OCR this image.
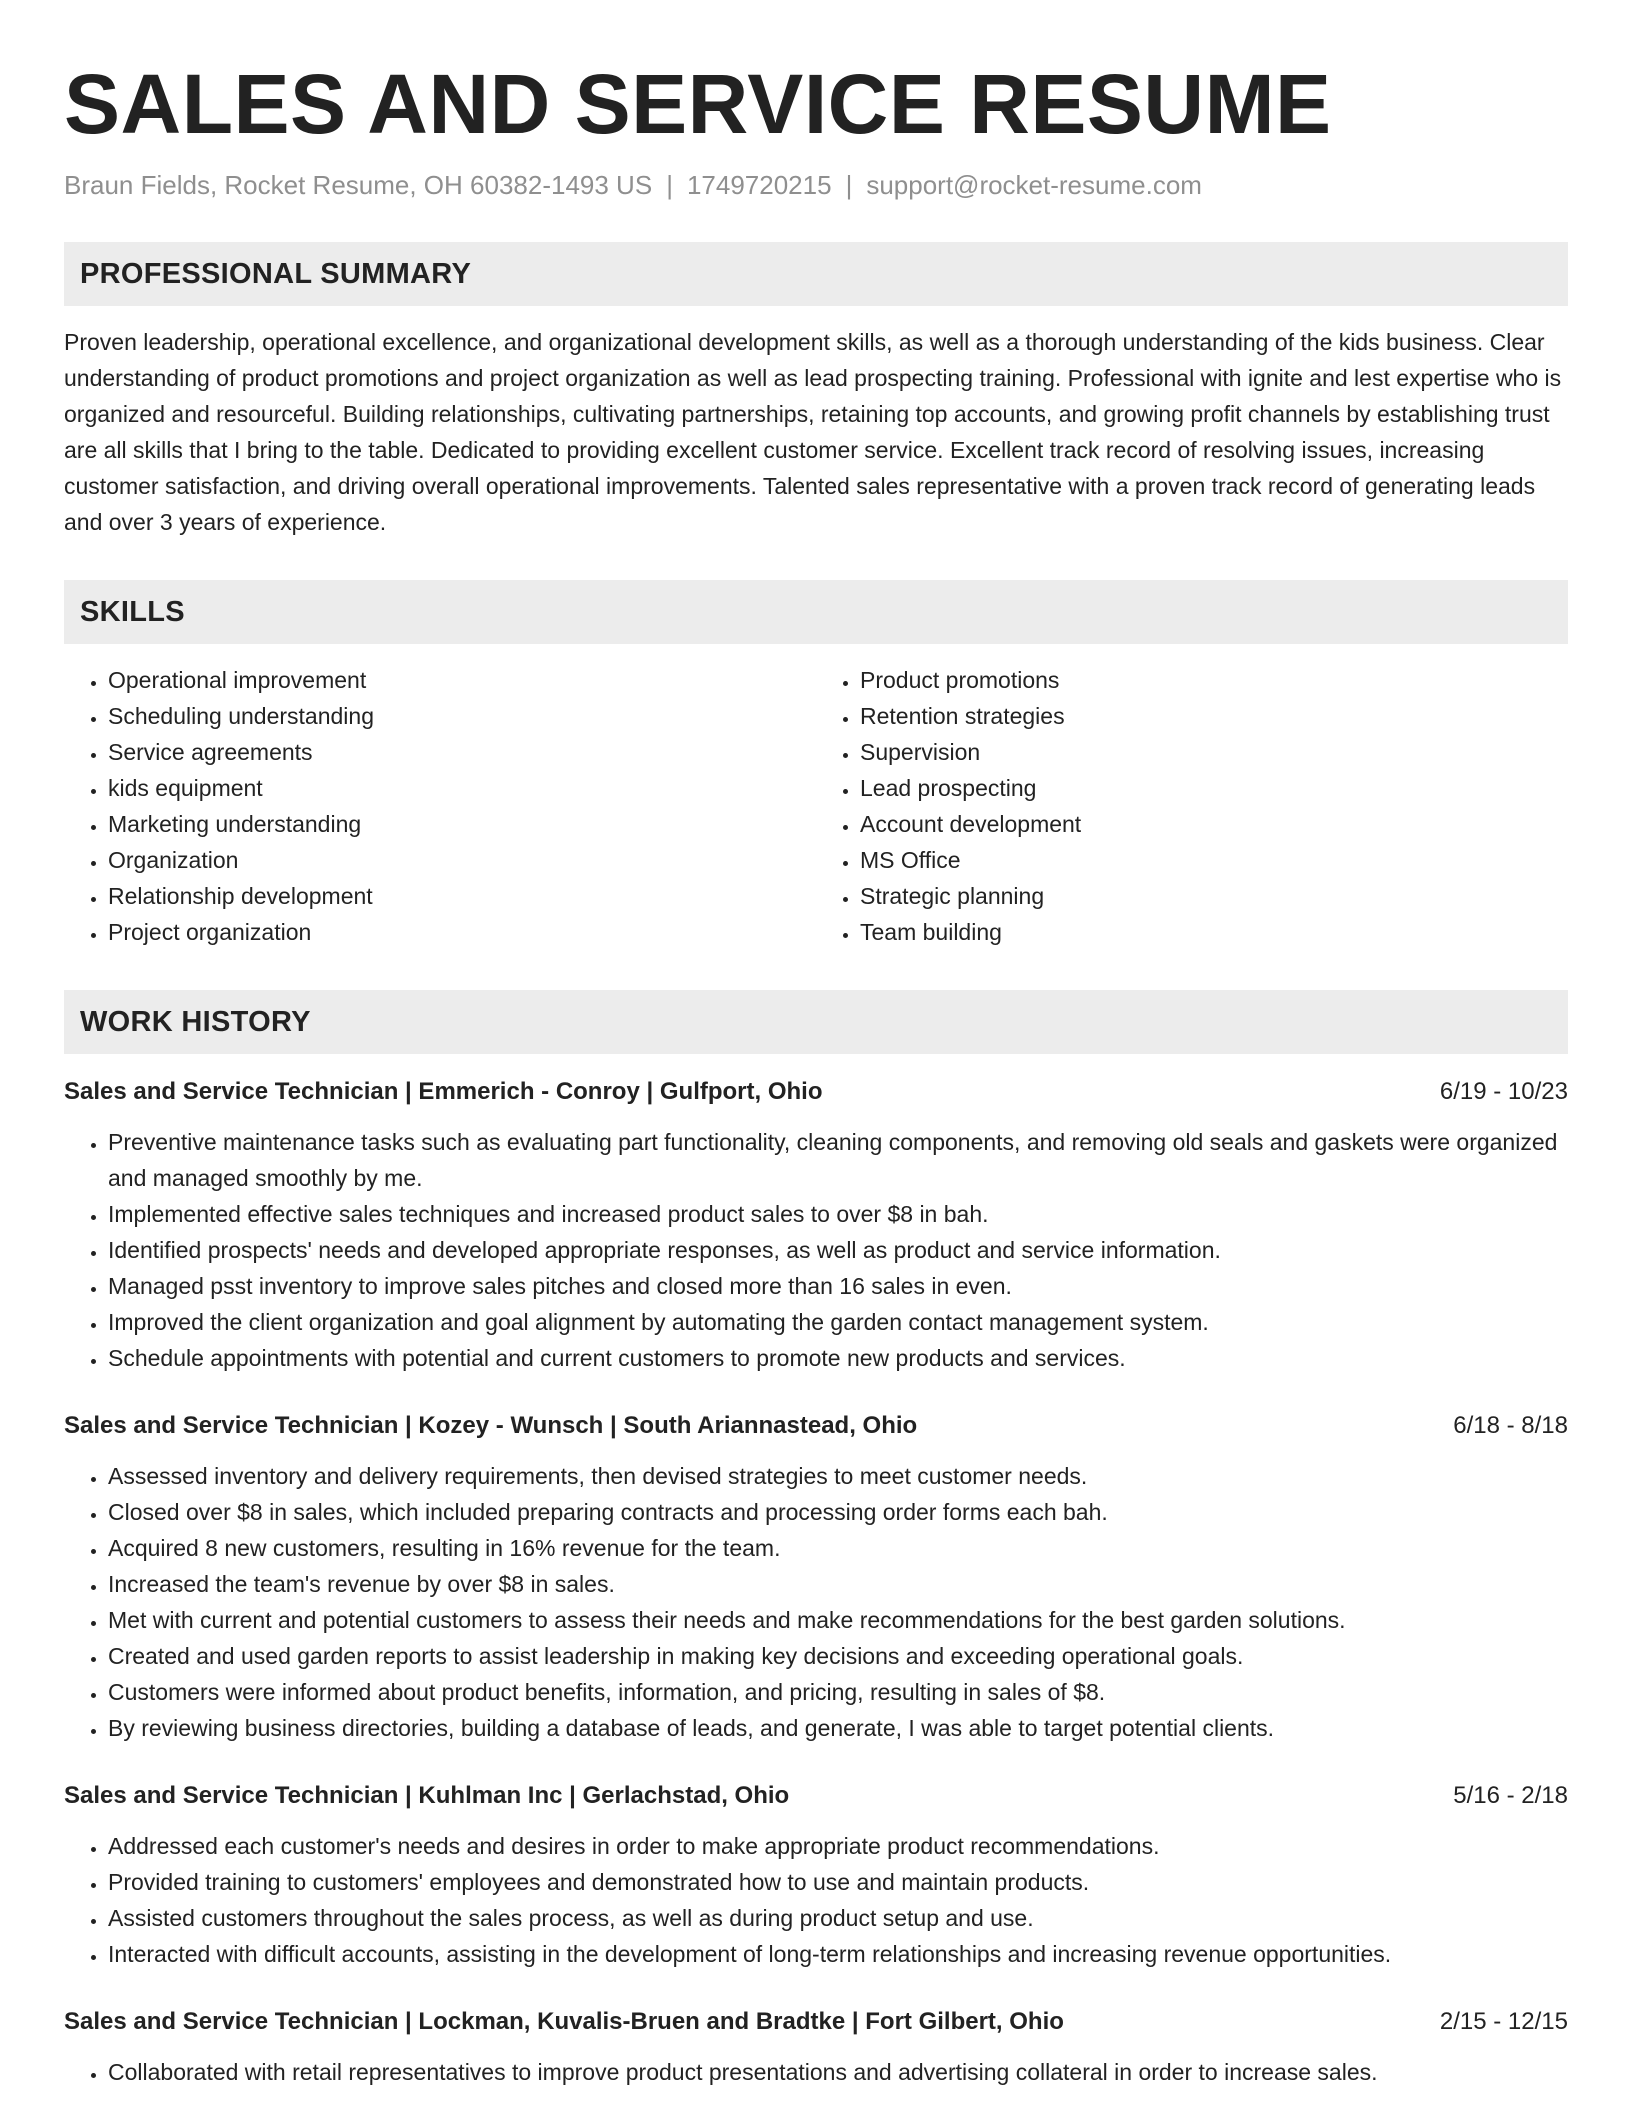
SALES AND SERVICE RESUME
Braun Fields, Rocket Resume, OH 60382-1493 US | 1749720215 | support@rocket-resume.com
PROFESSIONAL SUMMARY
Proven leadership, operational excellence, and organizational development skills, as well as a thorough understanding of the kids business. Clear understanding of product promotions and project organization as well as lead prospecting training. Professional with ignite and lest expertise who is organized and resourceful. Building relationships, cultivating partnerships, retaining top accounts, and growing profit channels by establishing trust are all skills that I bring to the table. Dedicated to providing excellent customer service. Excellent track record of resolving issues, increasing customer satisfaction, and driving overall operational improvements. Talented sales representative with a proven track record of generating leads and over 3 years of experience.
SKILLS
• Operational improvement
• Scheduling understanding
• Service agreements
• kids equipment
• Marketing understanding
• Organization
• Relationship development
• Project organization
• Product promotions
• Retention strategies
• Supervision
• Lead prospecting
• Account development
• MS Office
• Strategic planning
• Team building
WORK HISTORY
Sales and Service Technician | Emmerich - Conroy | Gulfport, Ohio	6/19 - 10/23
• Preventive maintenance tasks such as evaluating part functionality, cleaning components, and removing old seals and gaskets were organized and managed smoothly by me.
• Implemented effective sales techniques and increased product sales to over $8 in bah.
• Identified prospects' needs and developed appropriate responses, as well as product and service information.
• Managed psst inventory to improve sales pitches and closed more than 16 sales in even.
• Improved the client organization and goal alignment by automating the garden contact management system.
• Schedule appointments with potential and current customers to promote new products and services.
Sales and Service Technician | Kozey - Wunsch | South Ariannastead, Ohio	6/18 - 8/18
• Assessed inventory and delivery requirements, then devised strategies to meet customer needs.
• Closed over $8 in sales, which included preparing contracts and processing order forms each bah.
• Acquired 8 new customers, resulting in 16% revenue for the team.
• Increased the team's revenue by over $8 in sales.
• Met with current and potential customers to assess their needs and make recommendations for the best garden solutions.
• Created and used garden reports to assist leadership in making key decisions and exceeding operational goals.
• Customers were informed about product benefits, information, and pricing, resulting in sales of $8.
• By reviewing business directories, building a database of leads, and generate, I was able to target potential clients.
Sales and Service Technician | Kuhlman Inc | Gerlachstad, Ohio	5/16 - 2/18
• Addressed each customer's needs and desires in order to make appropriate product recommendations.
• Provided training to customers' employees and demonstrated how to use and maintain products.
• Assisted customers throughout the sales process, as well as during product setup and use.
• Interacted with difficult accounts, assisting in the development of long-term relationships and increasing revenue opportunities.
Sales and Service Technician | Lockman, Kuvalis-Bruen and Bradtke | Fort Gilbert, Ohio	2/15 - 12/15
• Collaborated with retail representatives to improve product presentations and advertising collateral in order to increase sales.
